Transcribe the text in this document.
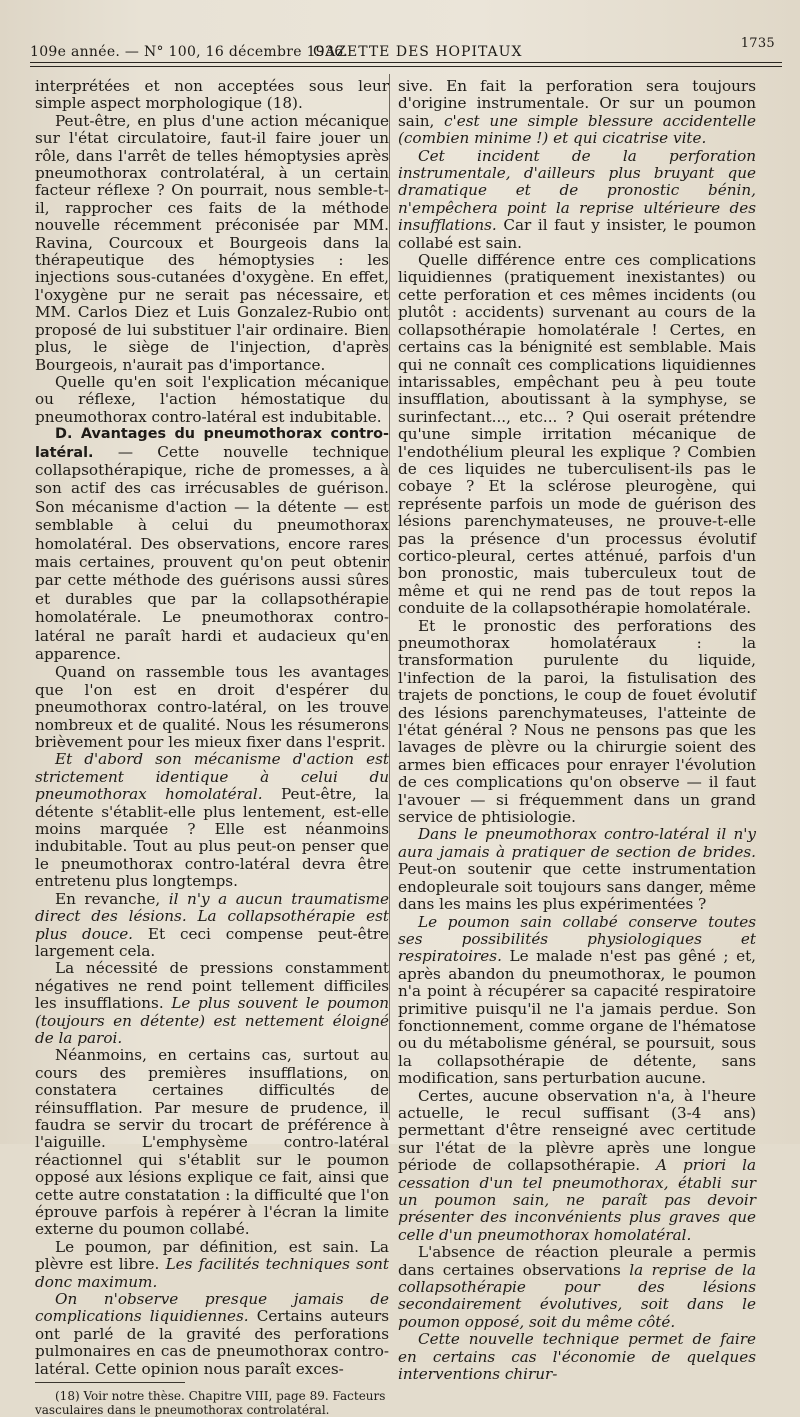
109e année. — N° 100, 16 décembre 1936.
GAZETTE DES HOPITAUX
1735

interprétées et non acceptées sous leur simple aspect morphologique (18).

Peut-être, en plus d'une action mécanique sur l'état circulatoire, faut-il faire jouer un rôle, dans l'arrêt de telles hémoptysies après pneumothorax controlatéral, à un certain facteur réflexe ? On pourrait, nous semble-t-il, rapprocher ces faits de la méthode nouvelle récemment préconisée par MM. Ravina, Courcoux et Bourgeois dans la thérapeutique des hémoptysies : les injections sous-cutanées d'oxygène. En effet, l'oxygène pur ne serait pas nécessaire, et MM. Carlos Diez et Luis Gonzalez-Rubio ont proposé de lui substituer l'air ordinaire. Bien plus, le siège de l'injection, d'après Bourgeois, n'aurait pas d'importance.

Quelle qu'en soit l'explication mécanique ou réflexe, l'action hémostatique du pneumothorax contro-latéral est indubitable.

D. Avantages du pneumothorax contro-latéral. — Cette nouvelle technique collapsothérapique, riche de promesses, a à son actif des cas irrécusables de guérison. Son mécanisme d'action — la détente — est semblable à celui du pneumothorax homolatéral. Des observations, encore rares mais certaines, prouvent qu'on peut obtenir par cette méthode des guérisons aussi sûres et durables que par la collapsothérapie homolatérale. Le pneumothorax contro-latéral ne paraît hardi et audacieux qu'en apparence.

Quand on rassemble tous les avantages que l'on est en droit d'espérer du pneumothorax contro-latéral, on les trouve nombreux et de qualité. Nous les résumerons brièvement pour les mieux fixer dans l'esprit.

Et d'abord son mécanisme d'action est strictement identique à celui du pneumothorax homolatéral. Peut-être, la détente s'établit-elle plus lentement, est-elle moins marquée ? Elle est néanmoins indubitable. Tout au plus peut-on penser que le pneumothorax contro-latéral devra être entretenu plus longtemps.

En revanche, il n'y a aucun traumatisme direct des lésions. La collapsothérapie est plus douce. Et ceci compense peut-être largement cela.

La nécessité de pressions constamment négatives ne rend point tellement difficiles les insufflations. Le plus souvent le poumon (toujours en détente) est nettement éloigné de la paroi.

Néanmoins, en certains cas, surtout au cours des premières insufflations, on constatera certaines difficultés de réinsufflation. Par mesure de prudence, il faudra se servir du trocart de préférence à l'aiguille. L'emphysème contro-latéral réactionnel qui s'établit sur le poumon opposé aux lésions explique ce fait, ainsi que cette autre constatation : la difficulté que l'on éprouve parfois à repérer à l'écran la limite externe du poumon collabé.

Le poumon, par définition, est sain. La plèvre est libre. Les facilités techniques sont donc maximum.

On n'observe presque jamais de complications liquidiennes. Certains auteurs ont parlé de la gravité des perforations pulmonaires en cas de pneumothorax contro-latéral. Cette opinion nous paraît exces-

(18) Voir notre thèse. Chapitre VIII, page 89. Facteurs vasculaires dans le pneumothorax controlatéral.

sive. En fait la perforation sera toujours d'origine instrumentale. Or sur un poumon sain, c'est une simple blessure accidentelle (combien minime !) et qui cicatrise vite.

Cet incident de la perforation instrumentale, d'ailleurs plus bruyant que dramatique et de pronostic bénin, n'empêchera point la reprise ultérieure des insufflations. Car il faut y insister, le poumon collabé est sain.

Quelle différence entre ces complications liquidiennes (pratiquement inexistantes) ou cette perforation et ces mêmes incidents (ou plutôt : accidents) survenant au cours de la collapsothérapie homolatérale ! Certes, en certains cas la bénignité est semblable. Mais qui ne connaît ces complications liquidiennes intarissables, empêchant peu à peu toute insufflation, aboutissant à la symphyse, se surinfectant..., etc... ? Qui oserait prétendre qu'une simple irritation mécanique de l'endothélium pleural les explique ? Combien de ces liquides ne tuberculisent-ils pas le cobaye ? Et la sclérose pleurogène, qui représente parfois un mode de guérison des lésions parenchymateuses, ne prouve-t-elle pas la présence d'un processus évolutif cortico-pleural, certes atténué, parfois d'un bon pronostic, mais tuberculeux tout de même et qui ne rend pas de tout repos la conduite de la collapsothérapie homolatérale.

Et le pronostic des perforations des pneumothorax homolatéraux : la transformation purulente du liquide, l'infection de la paroi, la fistulisation des trajets de ponctions, le coup de fouet évolutif des lésions parenchymateuses, l'atteinte de l'état général ? Nous ne pensons pas que les lavages de plèvre ou la chirurgie soient des armes bien efficaces pour enrayer l'évolution de ces complications qu'on observe — il faut l'avouer — si fréquemment dans un grand service de phtisiologie.

Dans le pneumothorax contro-latéral il n'y aura jamais à pratiquer de section de brides. Peut-on soutenir que cette instrumentation endopleurale soit toujours sans danger, même dans les mains les plus expérimentées ?

Le poumon sain collabé conserve toutes ses possibilités physiologiques et respiratoires. Le malade n'est pas gêné ; et, après abandon du pneumothorax, le poumon n'a point à récupérer sa capacité respiratoire primitive puisqu'il ne l'a jamais perdue. Son fonctionnement, comme organe de l'hématose ou du métabolisme général, se poursuit, sous la collapsothérapie de détente, sans modification, sans perturbation aucune.

Certes, aucune observation n'a, à l'heure actuelle, le recul suffisant (3-4 ans) permettant d'être renseigné avec certitude sur l'état de la plèvre après une longue période de collapsothérapie. A priori la cessation d'un tel pneumothorax, établi sur un poumon sain, ne paraît pas devoir présenter des inconvénients plus graves que celle d'un pneumothorax homolatéral.

L'absence de réaction pleurale a permis dans certaines observations la reprise de la collapsothérapie pour des lésions secondairement évolutives, soit dans le poumon opposé, soit du même côté.

Cette nouvelle technique permet de faire en certains cas l'économie de quelques interventions chirur-
